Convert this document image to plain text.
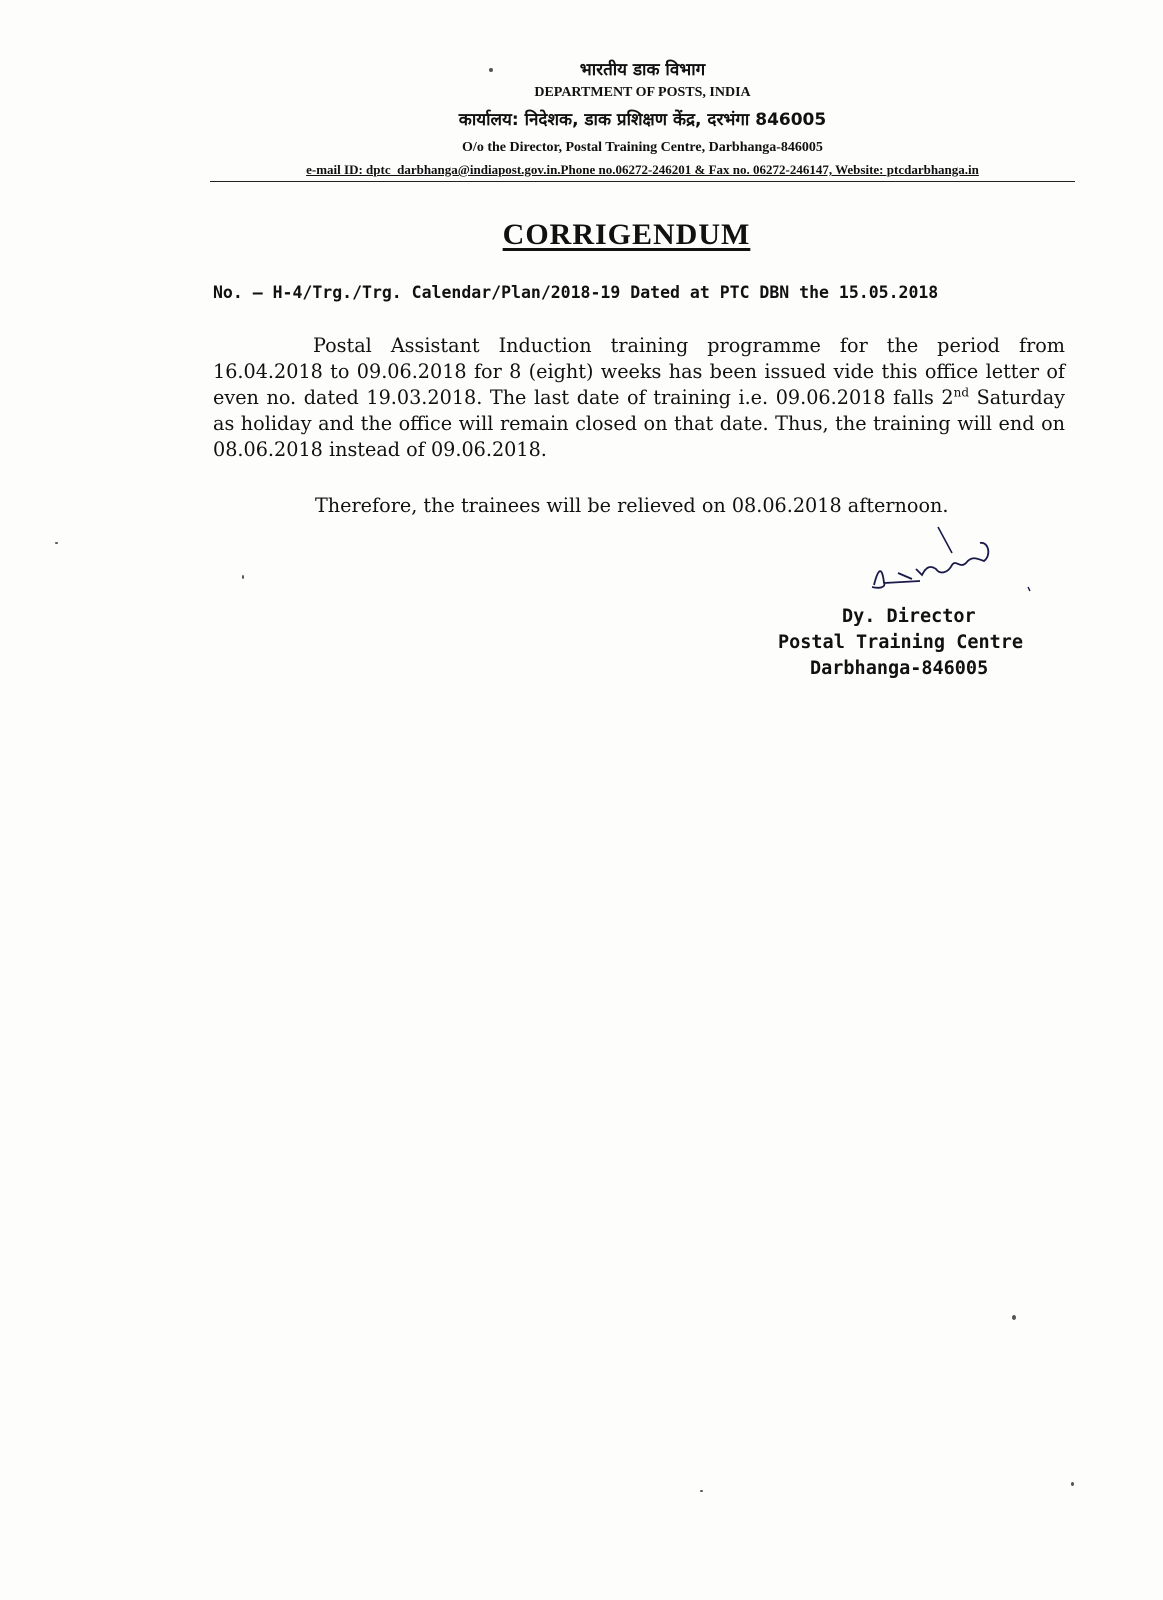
भारतीय डाक विभाग
DEPARTMENT OF POSTS, INDIA
कार्यालय: निदेशक, डाक प्रशिक्षण केंद्र, दरभंगा 846005
O/o the Director, Postal Training Centre, Darbhanga-846005
e-mail ID: dptc_darbhanga@indiapost.gov.in.Phone no.06272-246201 & Fax no. 06272-246147, Website: ptcdarbhanga.in
CORRIGENDUM
No. – H-4/Trg./Trg. Calendar/Plan/2018-19 Dated at PTC DBN the 15.05.2018

Postal Assistant Induction training programme for the period from 16.04.2018 to 09.06.2018 for 8 (eight) weeks has been issued vide this office letter of even no. dated 19.03.2018. The last date of training i.e. 09.06.2018 falls 2nd Saturday as holiday and the office will remain closed on that date. Thus, the training will end on 08.06.2018 instead of 09.06.2018.

Therefore, the trainees will be relieved on 08.06.2018 afternoon.
Dy. Director
Postal Training Centre
Darbhanga-846005
